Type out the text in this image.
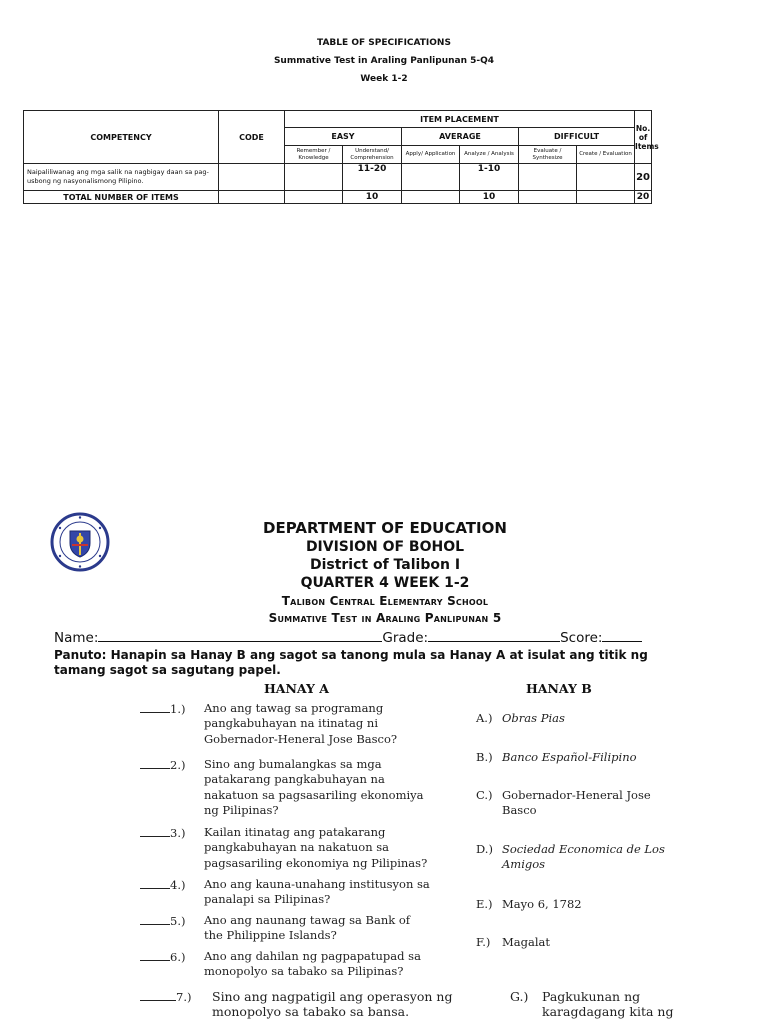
TABLE OF SPECIFICATIONS
Summative Test in Araling Panlipunan 5-Q4
Week 1-2
COMPETENCY	CODE	ITEM PLACEMENT						No. of Items
		EASY		AVERAGE		DIFFICULT		
		Remember / Knowledge	Understand/ Comprehension	Apply/ Application	Analyze / Analysis	Evaluate / Synthesize	Create / Evaluation	
Naipaliliwanag ang mga salik na nagbigay daan sa pag-usbong ng nasyonalismong Pilipino.			11-20		1-10			20
TOTAL NUMBER OF ITEMS			10		10			20
DEPARTMENT OF EDUCATION
DIVISION OF BOHOL
District of Talibon I
QUARTER 4 WEEK 1-2
Talibon Central Elementary School
Summative Test in Araling Panlipunan 5
Name:	Grade:	Score:
Panuto: Hanapin sa Hanay B ang sagot sa tanong mula sa Hanay A at isulat ang titik ng tamang sagot sa sagutang papel.
HANAY A	HANAY B
1.)	Ano ang tawag sa programang pangkabuhayan na itinatag ni Gobernador-Heneral Jose Basco?
2.)	Sino ang bumalangkas sa mga patakarang pangkabuhayan na nakatuon sa pagsasariling ekonomiya ng Pilipinas?
3.)	Kailan itinatag ang patakarang pangkabuhayan na nakatuon sa pagsasariling ekonomiya ng Pilipinas?
4.)	Ano ang kauna-unahang institusyon sa panalapi sa Pilipinas?
5.)	Ano ang naunang tawag sa Bank of the Philippine Islands?
6.)	Ano ang dahilan ng pagpapatupad sa monopolyo sa tabako sa Pilipinas?
7.) Sino ang nagpatigil ang operasyon ng monopolyo sa tabako sa bansa.
A.) Obras Pias
B.) Banco Español-Filipino
C.) Gobernador-Heneral Jose Basco
D.) Sociedad Economica de Los Amigos
E.) Mayo 6, 1782
F.) Magalat
G.) Pagkukunan ng karagdagang kita ng
